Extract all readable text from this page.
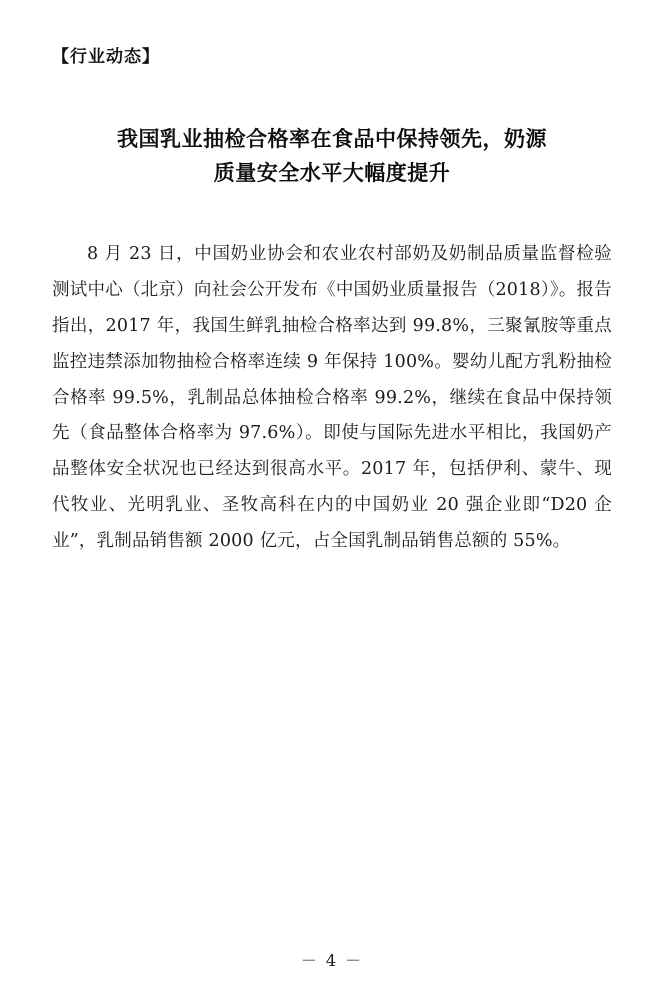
【行业动态】
我国乳业抽检合格率在食品中保持领先，奶源
质量安全水平大幅度提升

8 月 23 日，中国奶业协会和农业农村部奶及奶制品质量监督检验测试中心（北京）向社会公开发布《中国奶业质量报告（2018）》。报告指出，2017 年，我国生鲜乳抽检合格率达到 99.8%，三聚氰胺等重点监控违禁添加物抽检合格率连续 9 年保持 100%。婴幼儿配方乳粉抽检合格率 99.5%，乳制品总体抽检合格率 99.2%，继续在食品中保持领先（食品整体合格率为 97.6%）。即使与国际先进水平相比，我国奶产品整体安全状况也已经达到很高水平。2017 年，包括伊利、蒙牛、现代牧业、光明乳业、圣牧高科在内的中国奶业 20 强企业即“D20 企业”，乳制品销售额 2000 亿元，占全国乳制品销售总额的 55%。

－ 4 －
